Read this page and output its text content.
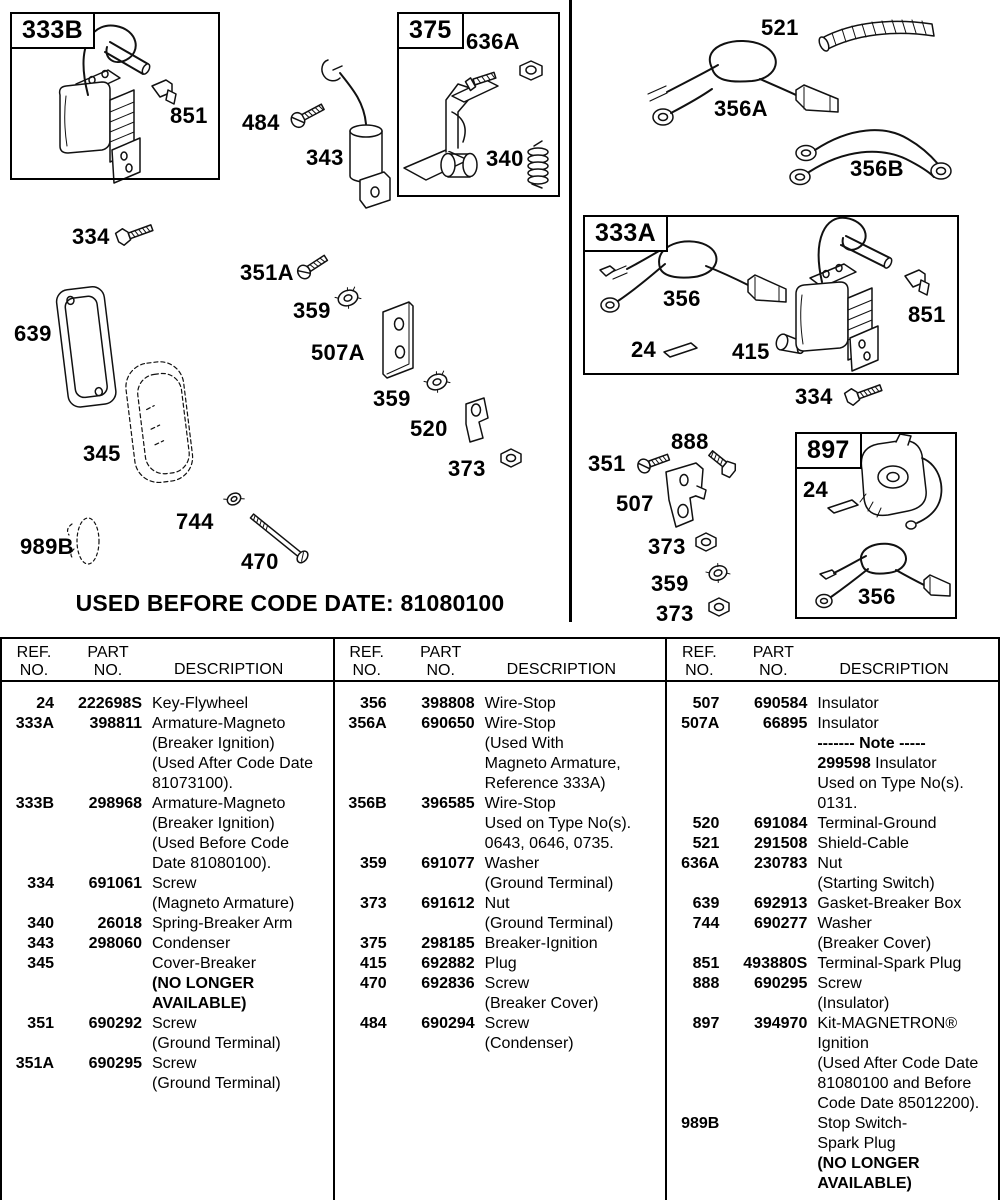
333B	375
333A
897
851 484
343
636A
340
521
356A
356B
356
24	415
851
334
334
351A
359
507A
359
520
373
639
345
989B
744
470
888
351
507
373
359
373
24
356
USED BEFORE CODE DATE: 81080100
REF.
NO.
PART
NO.	DESCRIPTION
24	222698S Key-Flywheel
333A	398811 Armature-Magneto
(Breaker Ignition)
(Used After Code Date
81073100).
333B	298968 Armature-Magneto
(Breaker Ignition)
(Used Before Code
Date 81080100).
334	691061 Screw
(Magneto Armature)
340	26018 Spring-Breaker Arm
343	298060 Condenser
345	Cover-Breaker
(NO LONGER
AVAILABLE)
351	690292 Screw
(Ground Terminal)
351A	690295 Screw
(Ground Terminal)
REF.
NO.
PART
NO.	DESCRIPTION
356	398808 Wire-Stop
356A	690650 Wire-Stop
(Used With
Magneto Armature,
Reference 333A)
356B	396585 Wire-Stop
Used on Type No(s).
0643, 0646, 0735.
359	691077 Washer
(Ground Terminal)
373	691612 Nut
(Ground Terminal)
375	298185 Breaker-Ignition
415	692882 Plug
470	692836 Screw
(Breaker Cover)
484	690294 Screw
(Condenser)
REF.
NO.
PART
NO.	DESCRIPTION
507	690584 Insulator
507A	66895 Insulator
------- Note -----
299598 Insulator
Used on Type No(s).
0131.
520	691084 Terminal-Ground
521	291508 Shield-Cable
636A	230783 Nut
(Starting Switch)
639	692913 Gasket-Breaker Box
744	690277 Washer
(Breaker Cover)
851	493880S Terminal-Spark Plug
888	690295 Screw
(Insulator)
897	394970 Kit-MAGNETRON®
Ignition
(Used After Code Date
81080100 and Before
Code Date 85012200).
989B	Stop Switch-
Spark Plug
(NO LONGER
AVAILABLE)
